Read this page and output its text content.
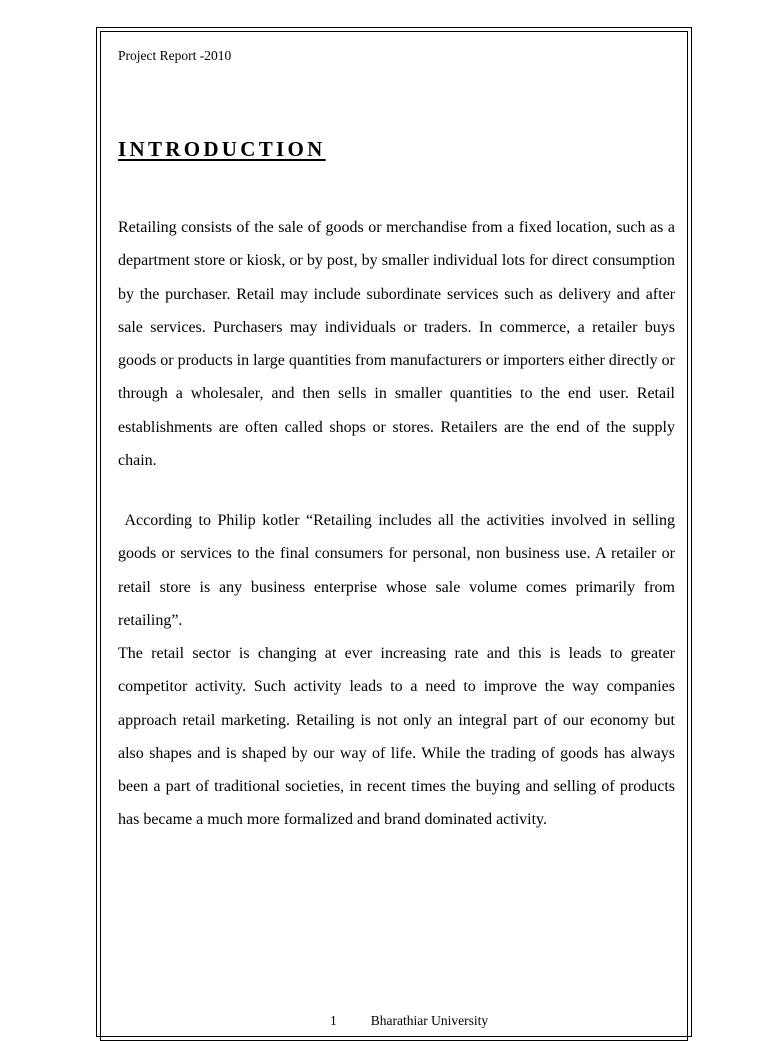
Project Report -2010
INTRODUCTION

Retailing consists of the sale of goods or merchandise from a fixed location, such as a department store or kiosk, or by post, by smaller individual lots for direct consumption by the purchaser. Retail may include subordinate services such as delivery and after sale services. Purchasers may individuals or traders. In commerce, a retailer buys goods or products in large quantities from manufacturers or importers either directly or through a wholesaler, and then sells in smaller quantities to the end user. Retail establishments are often called shops or stores. Retailers are the end of the supply chain.

According to Philip kotler “Retailing includes all the activities involved in selling goods or services to the final consumers for personal, non business use. A retailer or retail store is any business enterprise whose sale volume comes primarily from retailing”.

The retail sector is changing at ever increasing rate and this is leads to greater competitor activity. Such activity leads to a need to improve the way companies approach retail marketing. Retailing is not only an integral part of our economy but also shapes and is shaped by our way of life. While the trading of goods has always been a part of traditional societies, in recent times the buying and selling of products has became a much more formalized and brand dominated activity.

1	Bharathiar University
